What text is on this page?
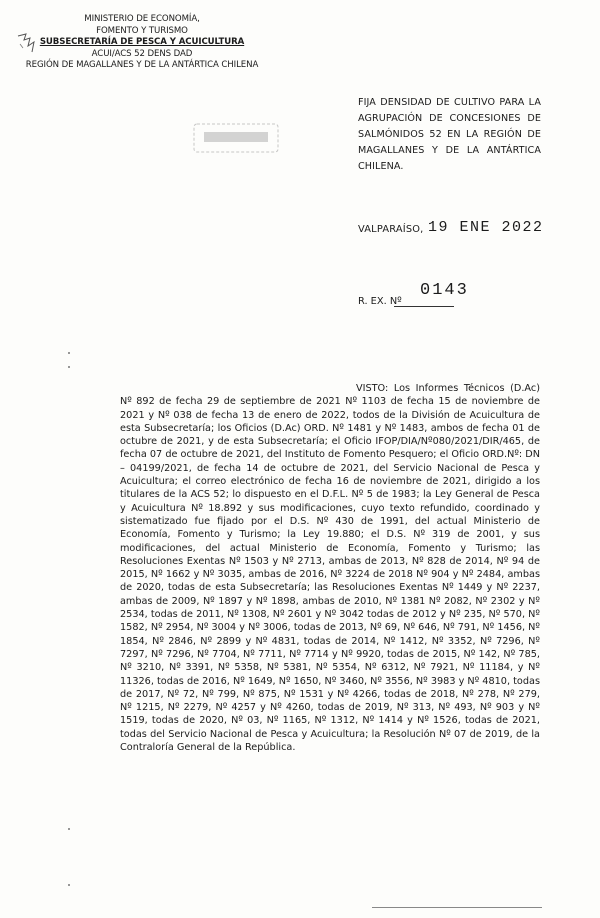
MINISTERIO DE ECONOMÍA,
FOMENTO Y TURISMO
SUBSECRETARÍA DE PESCA Y ACUICULTURA
ACUI/ACS 52 DENS DAD
REGIÓN DE MAGALLANES Y DE LA ANTÁRTICA CHILENA
FIJA DENSIDAD DE CULTIVO PARA LA AGRUPACIÓN DE CONCESIONES DE SALMÓNIDOS 52 EN LA REGIÓN DE MAGALLANES Y DE LA ANTÁRTICA CHILENA.
VALPARAÍSO, 19 ENE 2022
R. EX. Nº
0143
VISTO: Los Informes Técnicos (D.Ac) Nº 892 de fecha 29 de septiembre de 2021 Nº 1103 de fecha 15 de noviembre de 2021 y Nº 038 de fecha 13 de enero de 2022, todos de la División de Acuicultura de esta Subsecretaría; los Oficios (D.Ac) ORD. Nº 1481 y Nº 1483, ambos de fecha 01 de octubre de 2021, y de esta Subsecretaría; el Oficio IFOP/DIA/Nº080/2021/DIR/465, de fecha 07 de octubre de 2021, del Instituto de Fomento Pesquero; el Oficio ORD.Nº: DN – 04199/2021, de fecha 14 de octubre de 2021, del Servicio Nacional de Pesca y Acuicultura; el correo electrónico de fecha 16 de noviembre de 2021, dirigido a los titulares de la ACS 52; lo dispuesto en el D.F.L. Nº 5 de 1983; la Ley General de Pesca y Acuicultura Nº 18.892 y sus modificaciones, cuyo texto refundido, coordinado y sistematizado fue fijado por el D.S. Nº 430 de 1991, del actual Ministerio de Economía, Fomento y Turismo; la Ley 19.880; el D.S. Nº 319 de 2001, y sus modificaciones, del actual Ministerio de Economía, Fomento y Turismo; las Resoluciones Exentas Nº 1503 y Nº 2713, ambas de 2013, Nº 828 de 2014, Nº 94 de 2015, Nº 1662 y Nº 3035, ambas de 2016, Nº 3224 de 2018 Nº 904 y Nº 2484, ambas de 2020, todas de esta Subsecretaría; las Resoluciones Exentas Nº 1449 y Nº 2237, ambas de 2009, Nº 1897 y Nº 1898, ambas de 2010, Nº 1381 Nº 2082, Nº 2302 y Nº 2534, todas de 2011, Nº 1308, Nº 2601 y Nº 3042 todas de 2012 y Nº 235, Nº 570, Nº 1582, Nº 2954, Nº 3004 y Nº 3006, todas de 2013, Nº 69, Nº 646, Nº 791, Nº 1456, Nº 1854, Nº 2846, Nº 2899 y Nº 4831, todas de 2014, Nº 1412, Nº 3352, Nº 7296, Nº 7297, Nº 7296, Nº 7704, Nº 7711, Nº 7714 y Nº 9920, todas de 2015, Nº 142, Nº 785, Nº 3210, Nº 3391, Nº 5358, Nº 5381, Nº 5354, Nº 6312, Nº 7921, Nº 11184, y Nº 11326, todas de 2016, Nº 1649, Nº 1650, Nº 3460, Nº 3556, Nº 3983 y Nº 4810, todas de 2017, Nº 72, Nº 799, Nº 875, Nº 1531 y Nº 4266, todas de 2018, Nº 278, Nº 279, Nº 1215, Nº 2279, Nº 4257 y Nº 4260, todas de 2019, Nº 313, Nº 493, Nº 903 y Nº 1519, todas de 2020, Nº 03, Nº 1165, Nº 1312, Nº 1414 y Nº 1526, todas de 2021, todas del Servicio Nacional de Pesca y Acuicultura; la Resolución Nº 07 de 2019, de la Contraloría General de la República.
